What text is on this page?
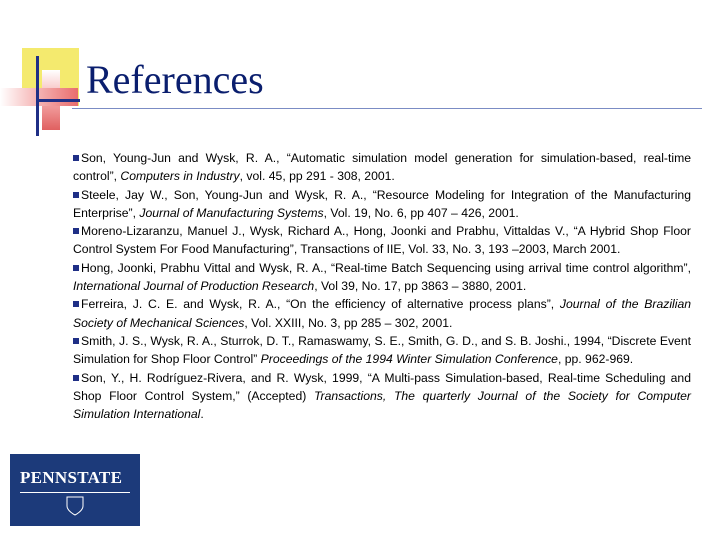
References

Son, Young-Jun and Wysk, R. A., “Automatic simulation model generation for simulation-based, real-time control”, Computers in Industry, vol. 45, pp 291 - 308, 2001.

Steele, Jay W., Son, Young-Jun and Wysk, R. A., “Resource Modeling for Integration of the Manufacturing Enterprise”, Journal of Manufacturing Systems, Vol. 19, No. 6, pp 407 – 426, 2001.

Moreno-Lizaranzu, Manuel J., Wysk, Richard A., Hong, Joonki and Prabhu, Vittaldas V., “A Hybrid Shop Floor Control System For Food Manufacturing”, Transactions of IIE, Vol. 33, No. 3, 193 –2003, March 2001.

Hong, Joonki, Prabhu Vittal and Wysk, R. A., “Real-time Batch Sequencing using arrival time control algorithm”, International Journal of Production Research, Vol 39, No. 17, pp 3863 – 3880, 2001.

Ferreira, J. C. E. and Wysk, R. A., “On the efficiency of alternative process plans”, Journal of the Brazilian Society of Mechanical Sciences, Vol. XXIII, No. 3, pp 285 – 302, 2001.

Smith, J. S., Wysk, R. A., Sturrok, D. T., Ramaswamy, S. E., Smith, G. D., and S. B. Joshi., 1994, “Discrete Event Simulation for Shop Floor Control” Proceedings of the 1994 Winter Simulation Conference, pp. 962-969.

Son, Y., H. Rodríguez-Rivera, and R. Wysk, 1999, “A Multi-pass Simulation-based, Real-time Scheduling and Shop Floor Control System,” (Accepted) Transactions, The quarterly Journal of the Society for Computer Simulation International.

PENNSTATE
